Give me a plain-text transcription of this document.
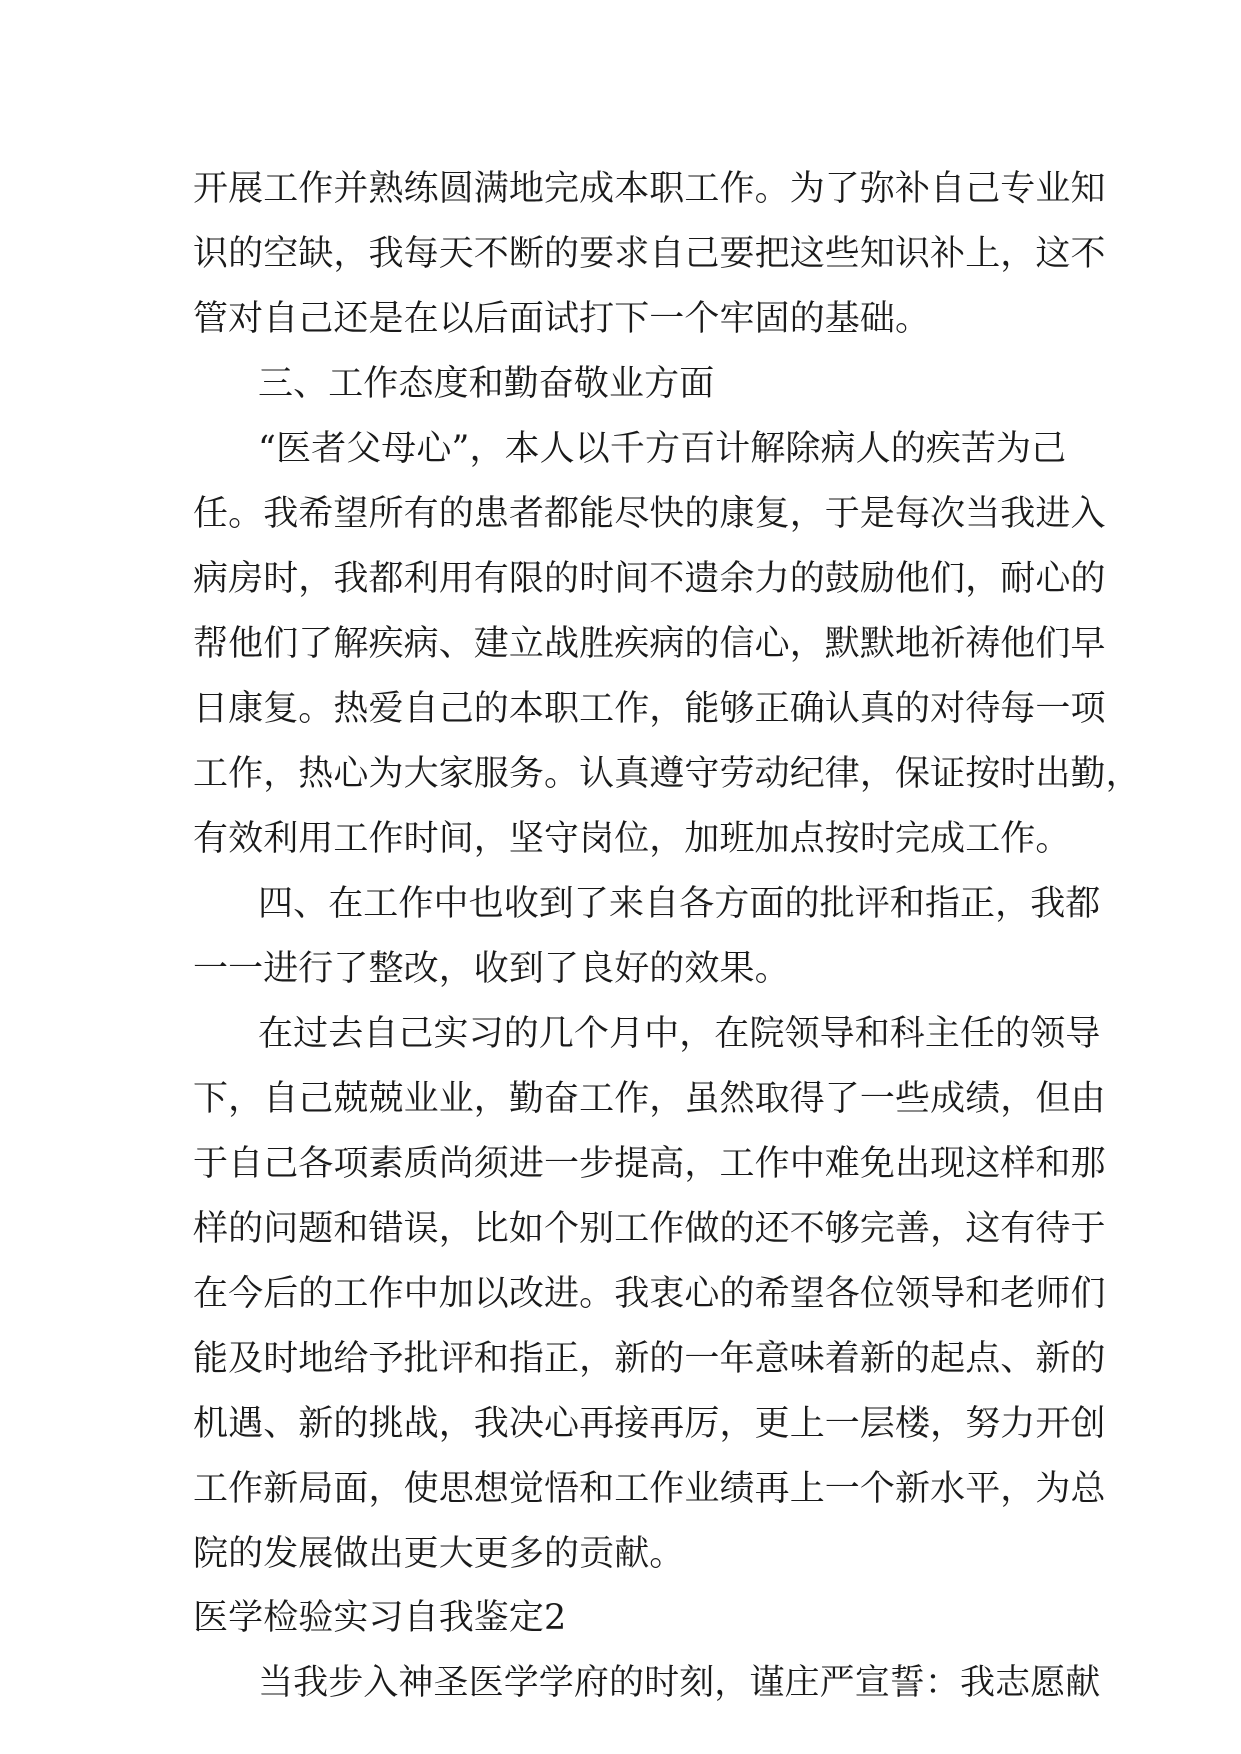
开展工作并熟练圆满地完成本职工作。为了弥补自己专业知
识的空缺，我每天不断的要求自己要把这些知识补上，这不
管对自己还是在以后面试打下一个牢固的基础。
三、工作态度和勤奋敬业方面
“医者父母心”，本人以千方百计解除病人的疾苦为己
任。我希望所有的患者都能尽快的康复，于是每次当我进入
病房时，我都利用有限的时间不遗余力的鼓励他们，耐心的
帮他们了解疾病、建立战胜疾病的信心，默默地祈祷他们早
日康复。热爱自己的本职工作，能够正确认真的对待每一项
工作，热心为大家服务。认真遵守劳动纪律，保证按时出勤，
有效利用工作时间，坚守岗位，加班加点按时完成工作。
四、在工作中也收到了来自各方面的批评和指正，我都
一一进行了整改，收到了良好的效果。
在过去自己实习的几个月中，在院领导和科主任的领导
下，自己兢兢业业，勤奋工作，虽然取得了一些成绩，但由
于自己各项素质尚须进一步提高，工作中难免出现这样和那
样的问题和错误，比如个别工作做的还不够完善，这有待于
在今后的工作中加以改进。我衷心的希望各位领导和老师们
能及时地给予批评和指正，新的一年意味着新的起点、新的
机遇、新的挑战，我决心再接再厉，更上一层楼，努力开创
工作新局面，使思想觉悟和工作业绩再上一个新水平，为总
院的发展做出更大更多的贡献。
医学检验实习自我鉴定2
当我步入神圣医学学府的时刻，谨庄严宣誓：我志愿献
